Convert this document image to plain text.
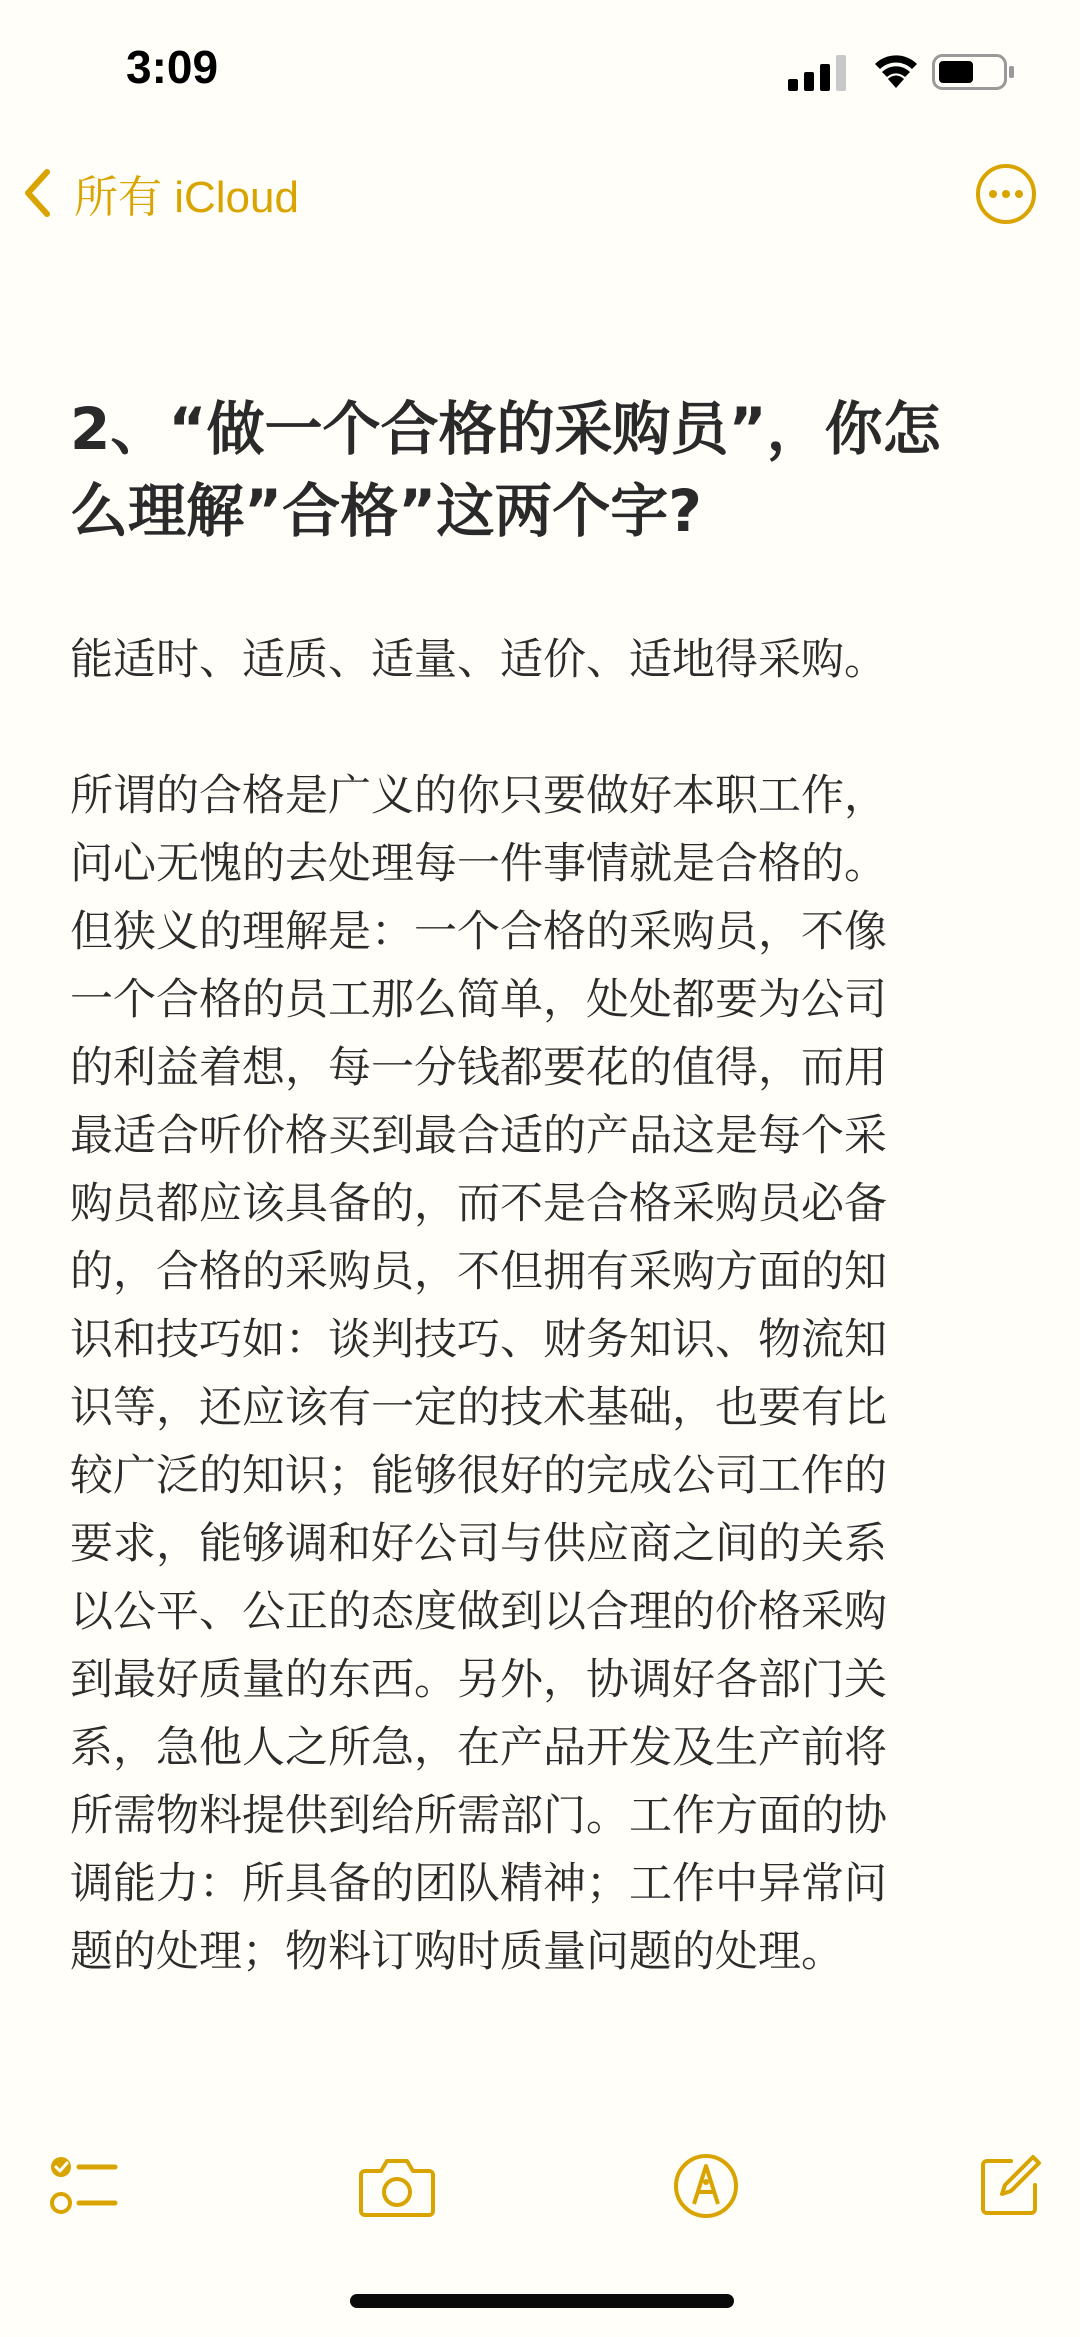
3:09
所有 iCloud
2、“做一个合格的采购员”，你怎么理解”合格”这两个字?

能适时、适质、适量、适价、适地得采购。

所谓的合格是广义的你只要做好本职工作，
问心无愧的去处理每一件事情就是合格的。
但狭义的理解是：一个合格的采购员，不像
一个合格的员工那么简单，处处都要为公司
的利益着想，每一分钱都要花的值得，而用
最适合听价格买到最合适的产品这是每个采
购员都应该具备的，而不是合格采购员必备
的，合格的采购员，不但拥有采购方面的知
识和技巧如：谈判技巧、财务知识、物流知
识等，还应该有一定的技术基础，也要有比
较广泛的知识；能够很好的完成公司工作的
要求，能够调和好公司与供应商之间的关系
以公平、公正的态度做到以合理的价格采购
到最好质量的东西。另外，协调好各部门关
系，急他人之所急，在产品开发及生产前将
所需物料提供到给所需部门。工作方面的协
调能力：所具备的团队精神；工作中异常问
题的处理；物料订购时质量问题的处理。
